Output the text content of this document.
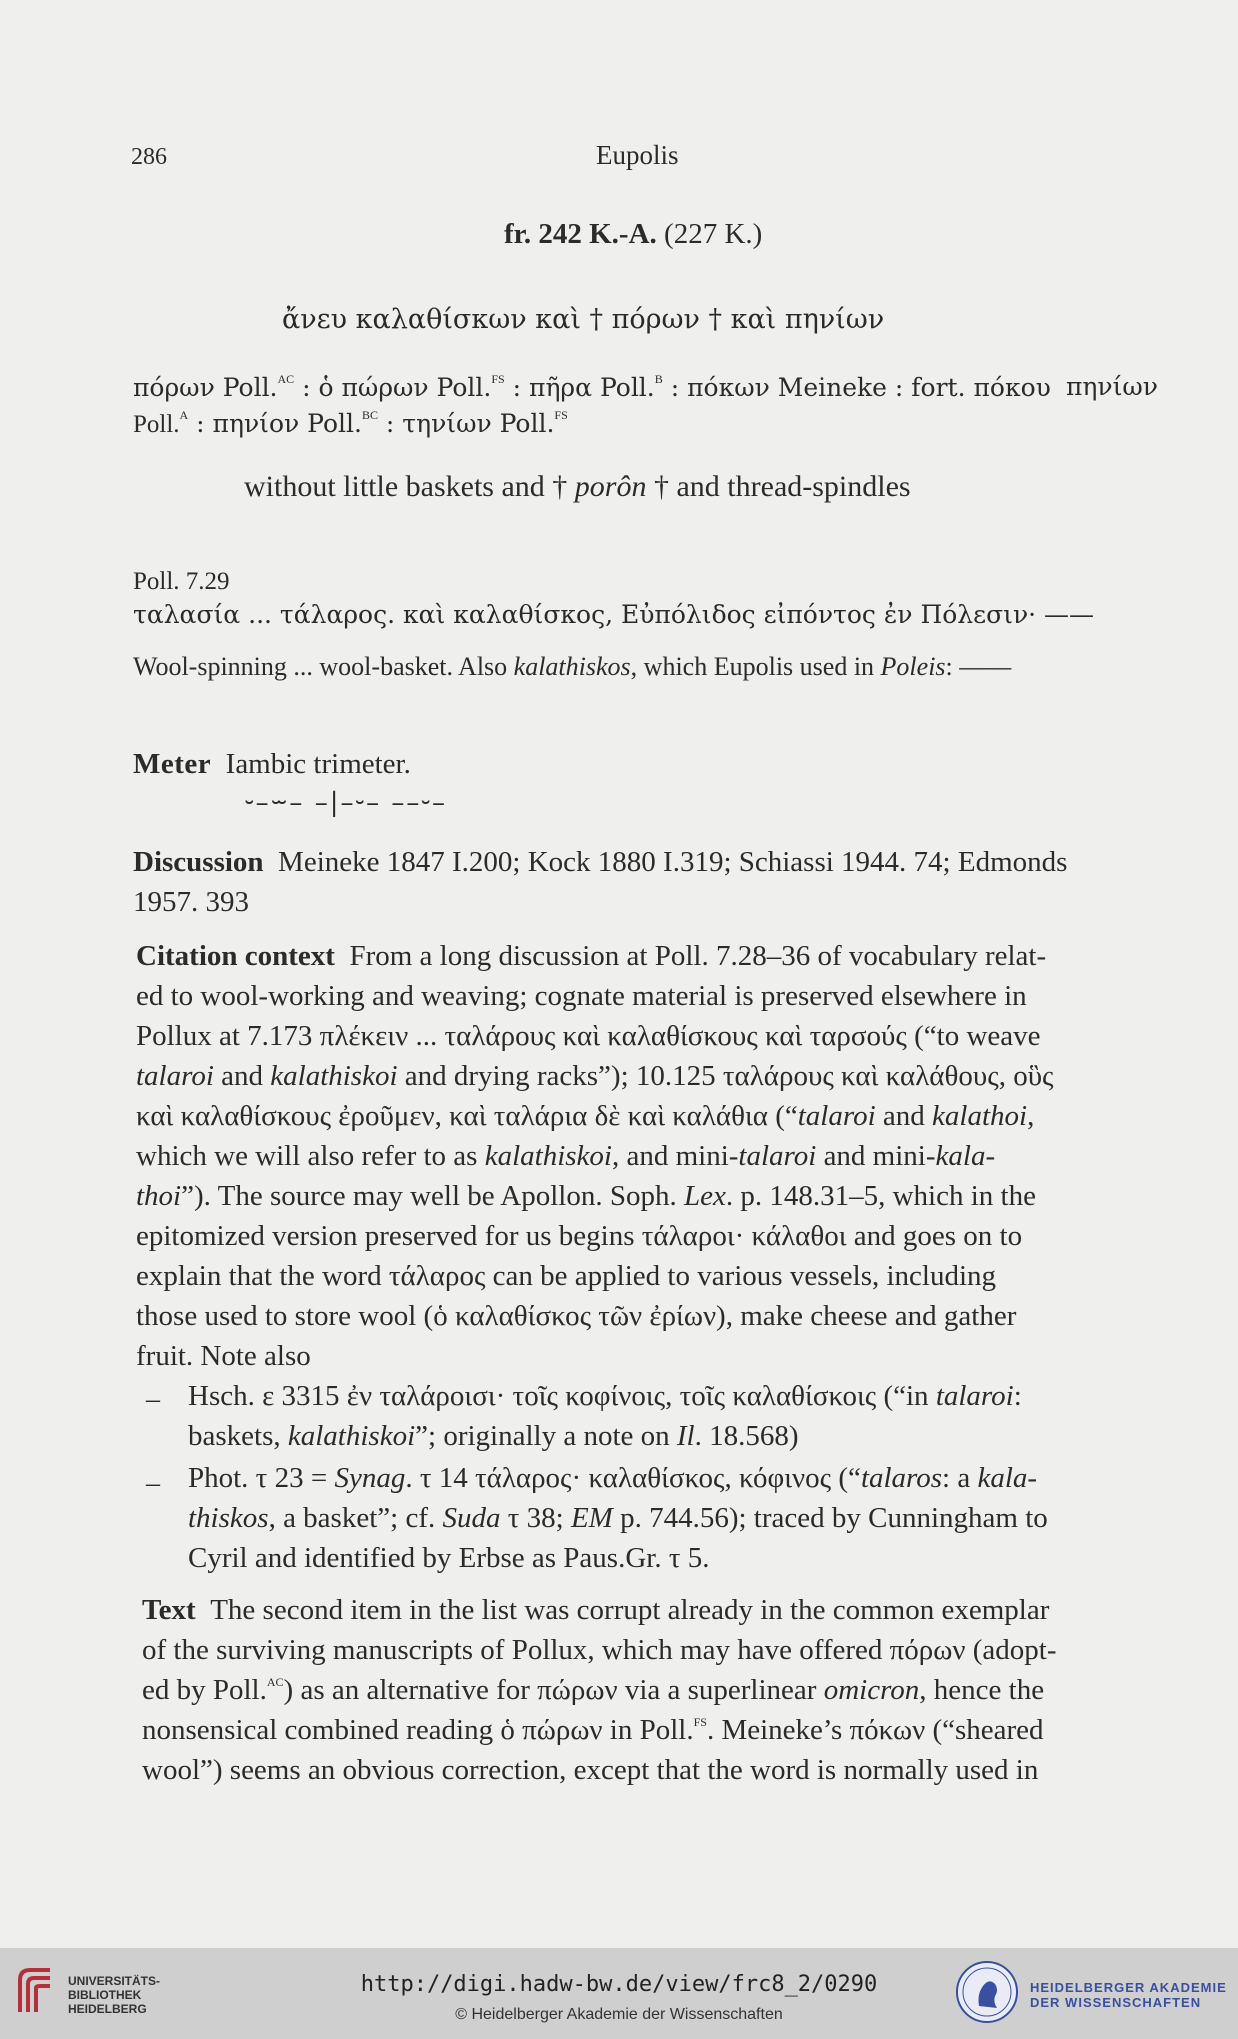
286	Eupolis
fr. 242 K.-A. (227 K.)
ἄνευ καλαθίσκων καὶ † πόρων † καὶ πηνίων
πόρων Poll.$^{AC}$ : ὁ πώρων Poll.$^{FS}$ : πῆρα Poll.$^B$ : πόκων Meineke : fort. πόκου πηνίων
Poll.$^A$ : πηνίον Poll.$^{BC}$ : τηνίων Poll.$^{FS}$
without little baskets and † porôn † and thread-spindles
Poll. 7.29
ταλασία ... τάλαρος. καὶ καλαθίσκος, Εὐπόλιδος εἰπόντος ἐν Πόλεσιν· ——
Wool-spinning ... wool-basket. Also kalathiskos, which Eupolis used in Poleis: ——
Meter Iambic trimeter.
⏑–⏖– –|–⏑– ––⏑–
Discussion Meineke 1847 I.200; Kock 1880 I.319; Schiassi 1944. 74; Edmonds
1957. 393
Citation context From a long discussion at Poll. 7.28–36 of vocabulary relat-
ed to wool-working and weaving; cognate material is preserved elsewhere in
Pollux at 7.173 πλέκειν ... ταλάρους καὶ καλαθίσκους καὶ ταρσούς (“to weave
talaroi and kalathiskoi and drying racks”); 10.125 ταλάρους καὶ καλάθους, οὓς
καὶ καλαθίσκους ἐροῦμεν, καὶ ταλάρια δὲ καὶ καλάθια (“talaroi and kalathoi,
which we will also refer to as kalathiskoi, and mini-talaroi and mini-kala-
thoi”). The source may well be Apollon. Soph. Lex. p. 148.31–5, which in the
epitomized version preserved for us begins τάλαροι· κάλαθοι and goes on to
explain that the word τάλαρος can be applied to various vessels, including
those used to store wool (ὁ καλαθίσκος τῶν ἐρίων), make cheese and gather
fruit. Note also
– Hsch. ε 3315 ἐν ταλάροισι· τοῖς κοφίνοις, τοῖς καλαθίσκοις (“in talaroi:
baskets, kalathiskoi”; originally a note on Il. 18.568)
– Phot. τ 23 = Synag. τ 14 τάλαρος· καλαθίσκος, κόφινος (“talaros: a kala-
thiskos, a basket”; cf. Suda τ 38; EM p. 744.56); traced by Cunningham to
Cyril and identified by Erbse as Paus.Gr. τ 5.
Text The second item in the list was corrupt already in the common exemplar
of the surviving manuscripts of Pollux, which may have offered πόρων (adopt-
ed by Poll.$^{AC}$) as an alternative for πώρων via a superlinear omicron, hence the
nonsensical combined reading ὁ πώρων in Poll.$^{FS}$. Meineke’s πόκων (“sheared
wool”) seems an obvious correction, except that the word is normally used in
UNIVERSITÄTS-
BIBLIOTHEK
HEIDELBERG
http://digi.hadw-bw.de/view/frc8_2/0290
© Heidelberger Akademie der Wissenschaften
HEIDELBERGER AKADEMIE
DER WISSENSCHAFTEN
